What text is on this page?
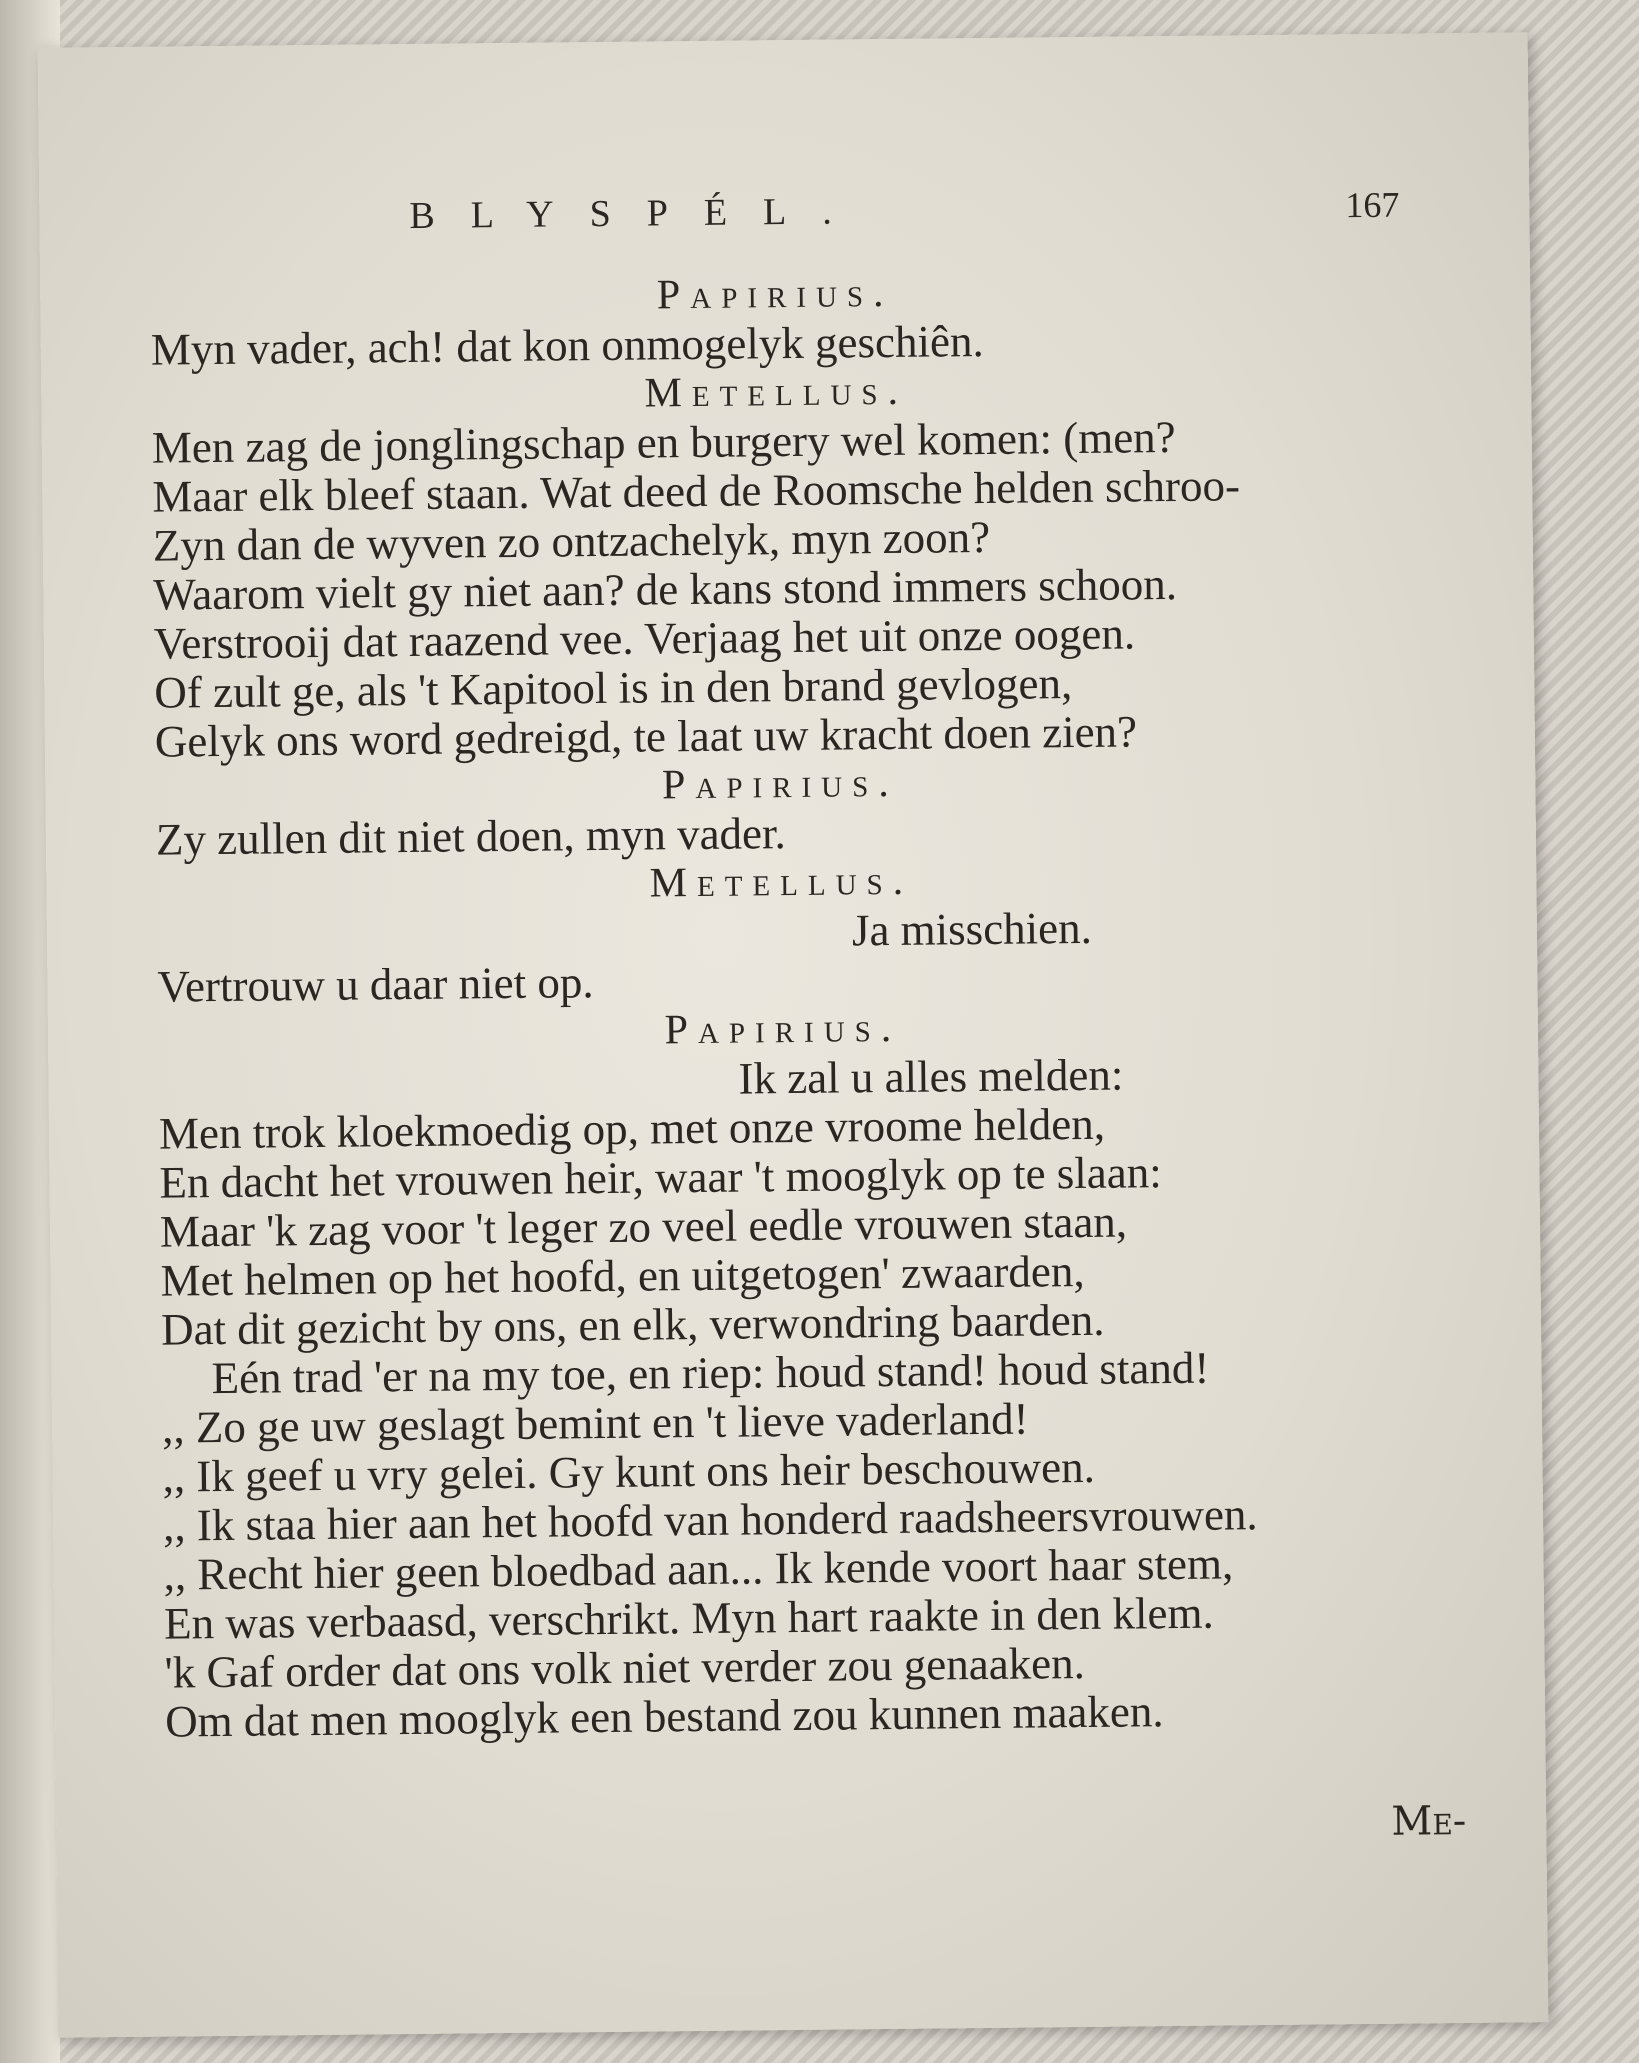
BLYSPÉL.	167
Papirius.
Myn vader, ach! dat kon onmogelyk geschiên.
Metellus.
Men zag de jonglingschap en burgery wel komen: (men?
Maar elk bleef staan. Wat deed de Roomsche helden schroo-
Zyn dan de wyven zo ontzachelyk, myn zoon?
Waarom vielt gy niet aan? de kans stond immers schoon.
Verstrooij dat raazend vee. Verjaag het uit onze oogen.
Of zult ge, als 't Kapitool is in den brand gevlogen,
Gelyk ons word gedreigd, te laat uw kracht doen zien?
Papirius.
Zy zullen dit niet doen, myn vader.
Metellus.
Ja misschien.
Vertrouw u daar niet op.
Papirius.
Ik zal u alles melden:
Men trok kloekmoedig op, met onze vroome helden,
En dacht het vrouwen heir, waar 't mooglyk op te slaan:
Maar 'k zag voor 't leger zo veel eedle vrouwen staan,
Met helmen op het hoofd, en uitgetogen' zwaarden,
Dat dit gezicht by ons, en elk, verwondring baarden.
Eén trad 'er na my toe, en riep: houd stand! houd stand!
,, Zo ge uw geslagt bemint en 't lieve vaderland!
,, Ik geef u vry gelei. Gy kunt ons heir beschouwen.
,, Ik staa hier aan het hoofd van honderd raadsheersvrouwen.
,, Recht hier geen bloedbad aan... Ik kende voort haar stem,
En was verbaasd, verschrikt. Myn hart raakte in den klem.
'k Gaf order dat ons volk niet verder zou genaaken.
Om dat men mooglyk een bestand zou kunnen maaken.
Me-
